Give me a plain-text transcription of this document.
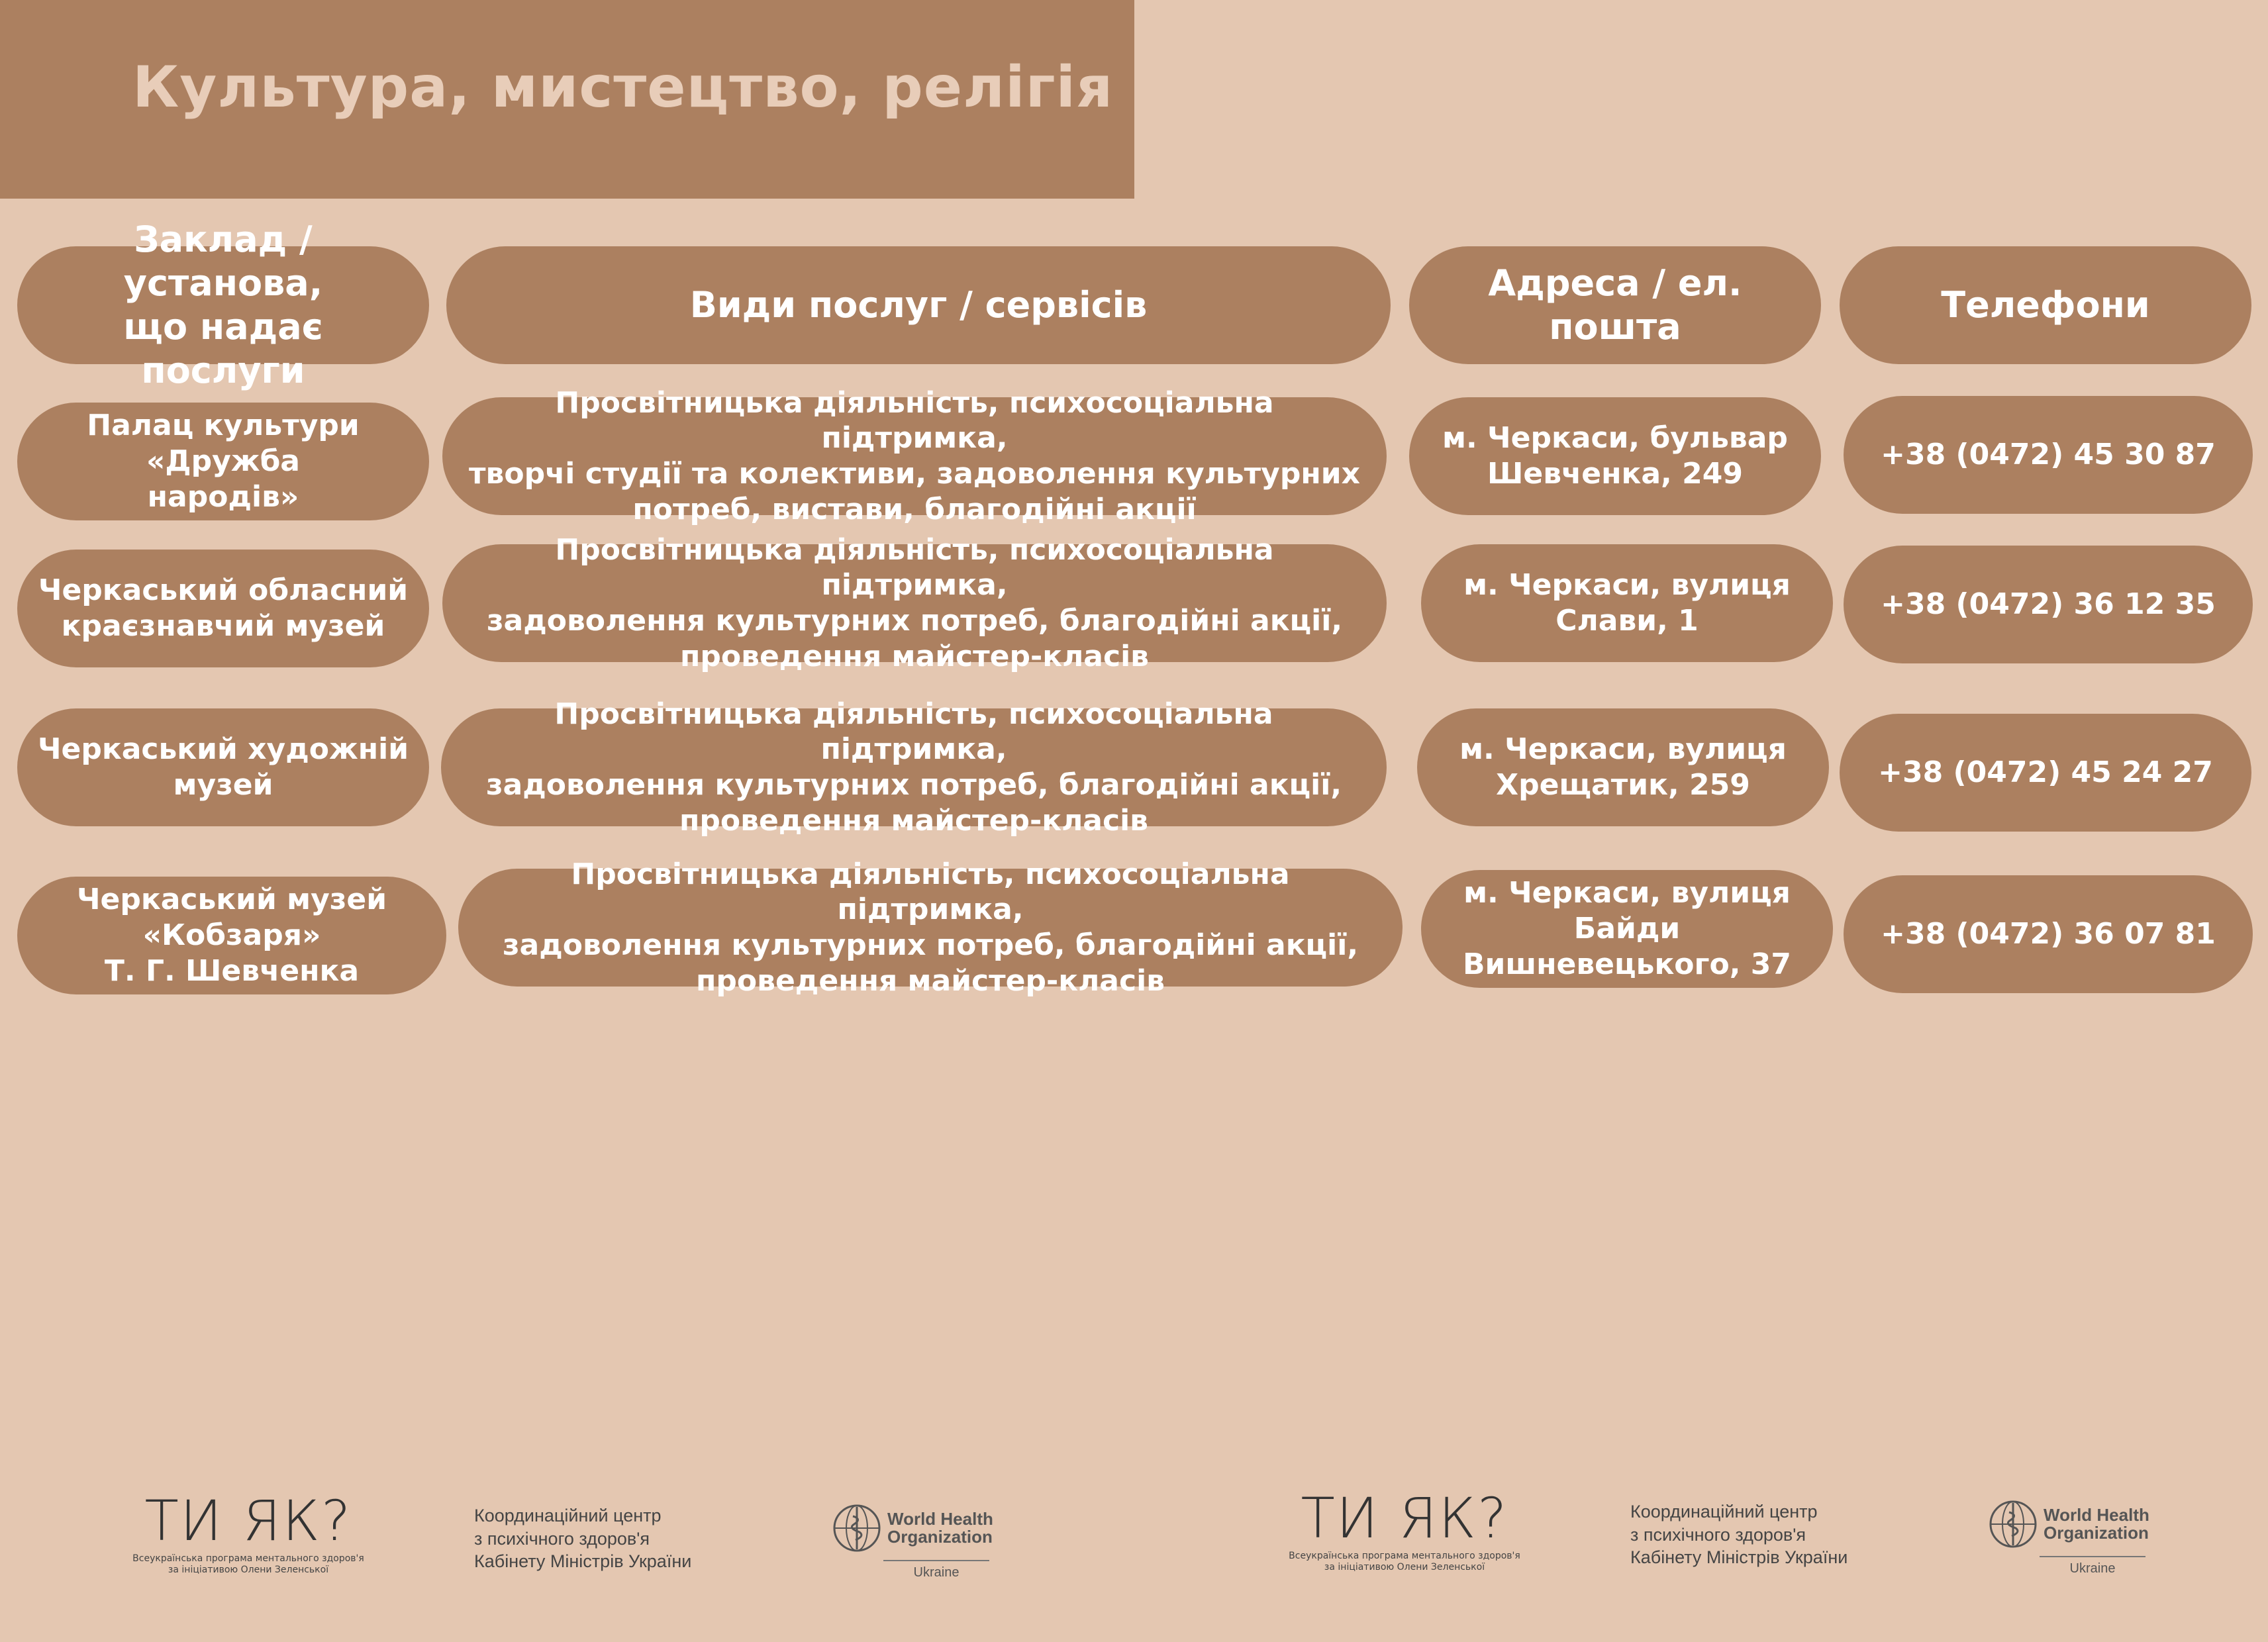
Культура, мистецтво, релігія
Заклад / установа,
що надає послуги
Види послуг / сервісів
Адреса / ел. пошта
Телефони
Палац культури «Дружба
народів»
Просвітницька діяльність, психосоціальна підтримка,
творчі студії та колективи, задоволення культурних
потреб, вистави, благодійні акції
м. Черкаси, бульвар
Шевченка, 249
+38 (0472) 45 30 87
Черкаський обласний
краєзнавчий музей
Просвітницька діяльність, психосоціальна підтримка,
задоволення культурних потреб, благодійні акції,
проведення майстер-класів
м. Черкаси, вулиця
Слави, 1	+38 (0472) 36 12 35
Черкаський художній
музей
Просвітницька діяльність, психосоціальна підтримка,
задоволення культурних потреб, благодійні акції,
проведення майстер-класів
м. Черкаси, вулиця
Хрещатик, 259	+38 (0472) 45 24 27
Черкаський музей «Кобзаря»
Т. Г. Шевченка
Просвітницька діяльність, психосоціальна підтримка,
задоволення культурних потреб, благодійні акції,
проведення майстер-класів
м. Черкаси, вулиця Байди
Вишневецького, 37
+38 (0472) 36 07 81
ТИ ЯК?
Всеукраїнська програма ментального здоров'я
за ініціативою Олени Зеленської
Координаційний центр
з психічного здоров'я
Кабінету Міністрів України
World Health
Organization
Ukraine
ТИ ЯК?
Всеукраїнська програма ментального здоров'я
за ініціативою Олени Зеленської
Координаційний центр
з психічного здоров'я
Кабінету Міністрів України
World Health
Organization
Ukraine
